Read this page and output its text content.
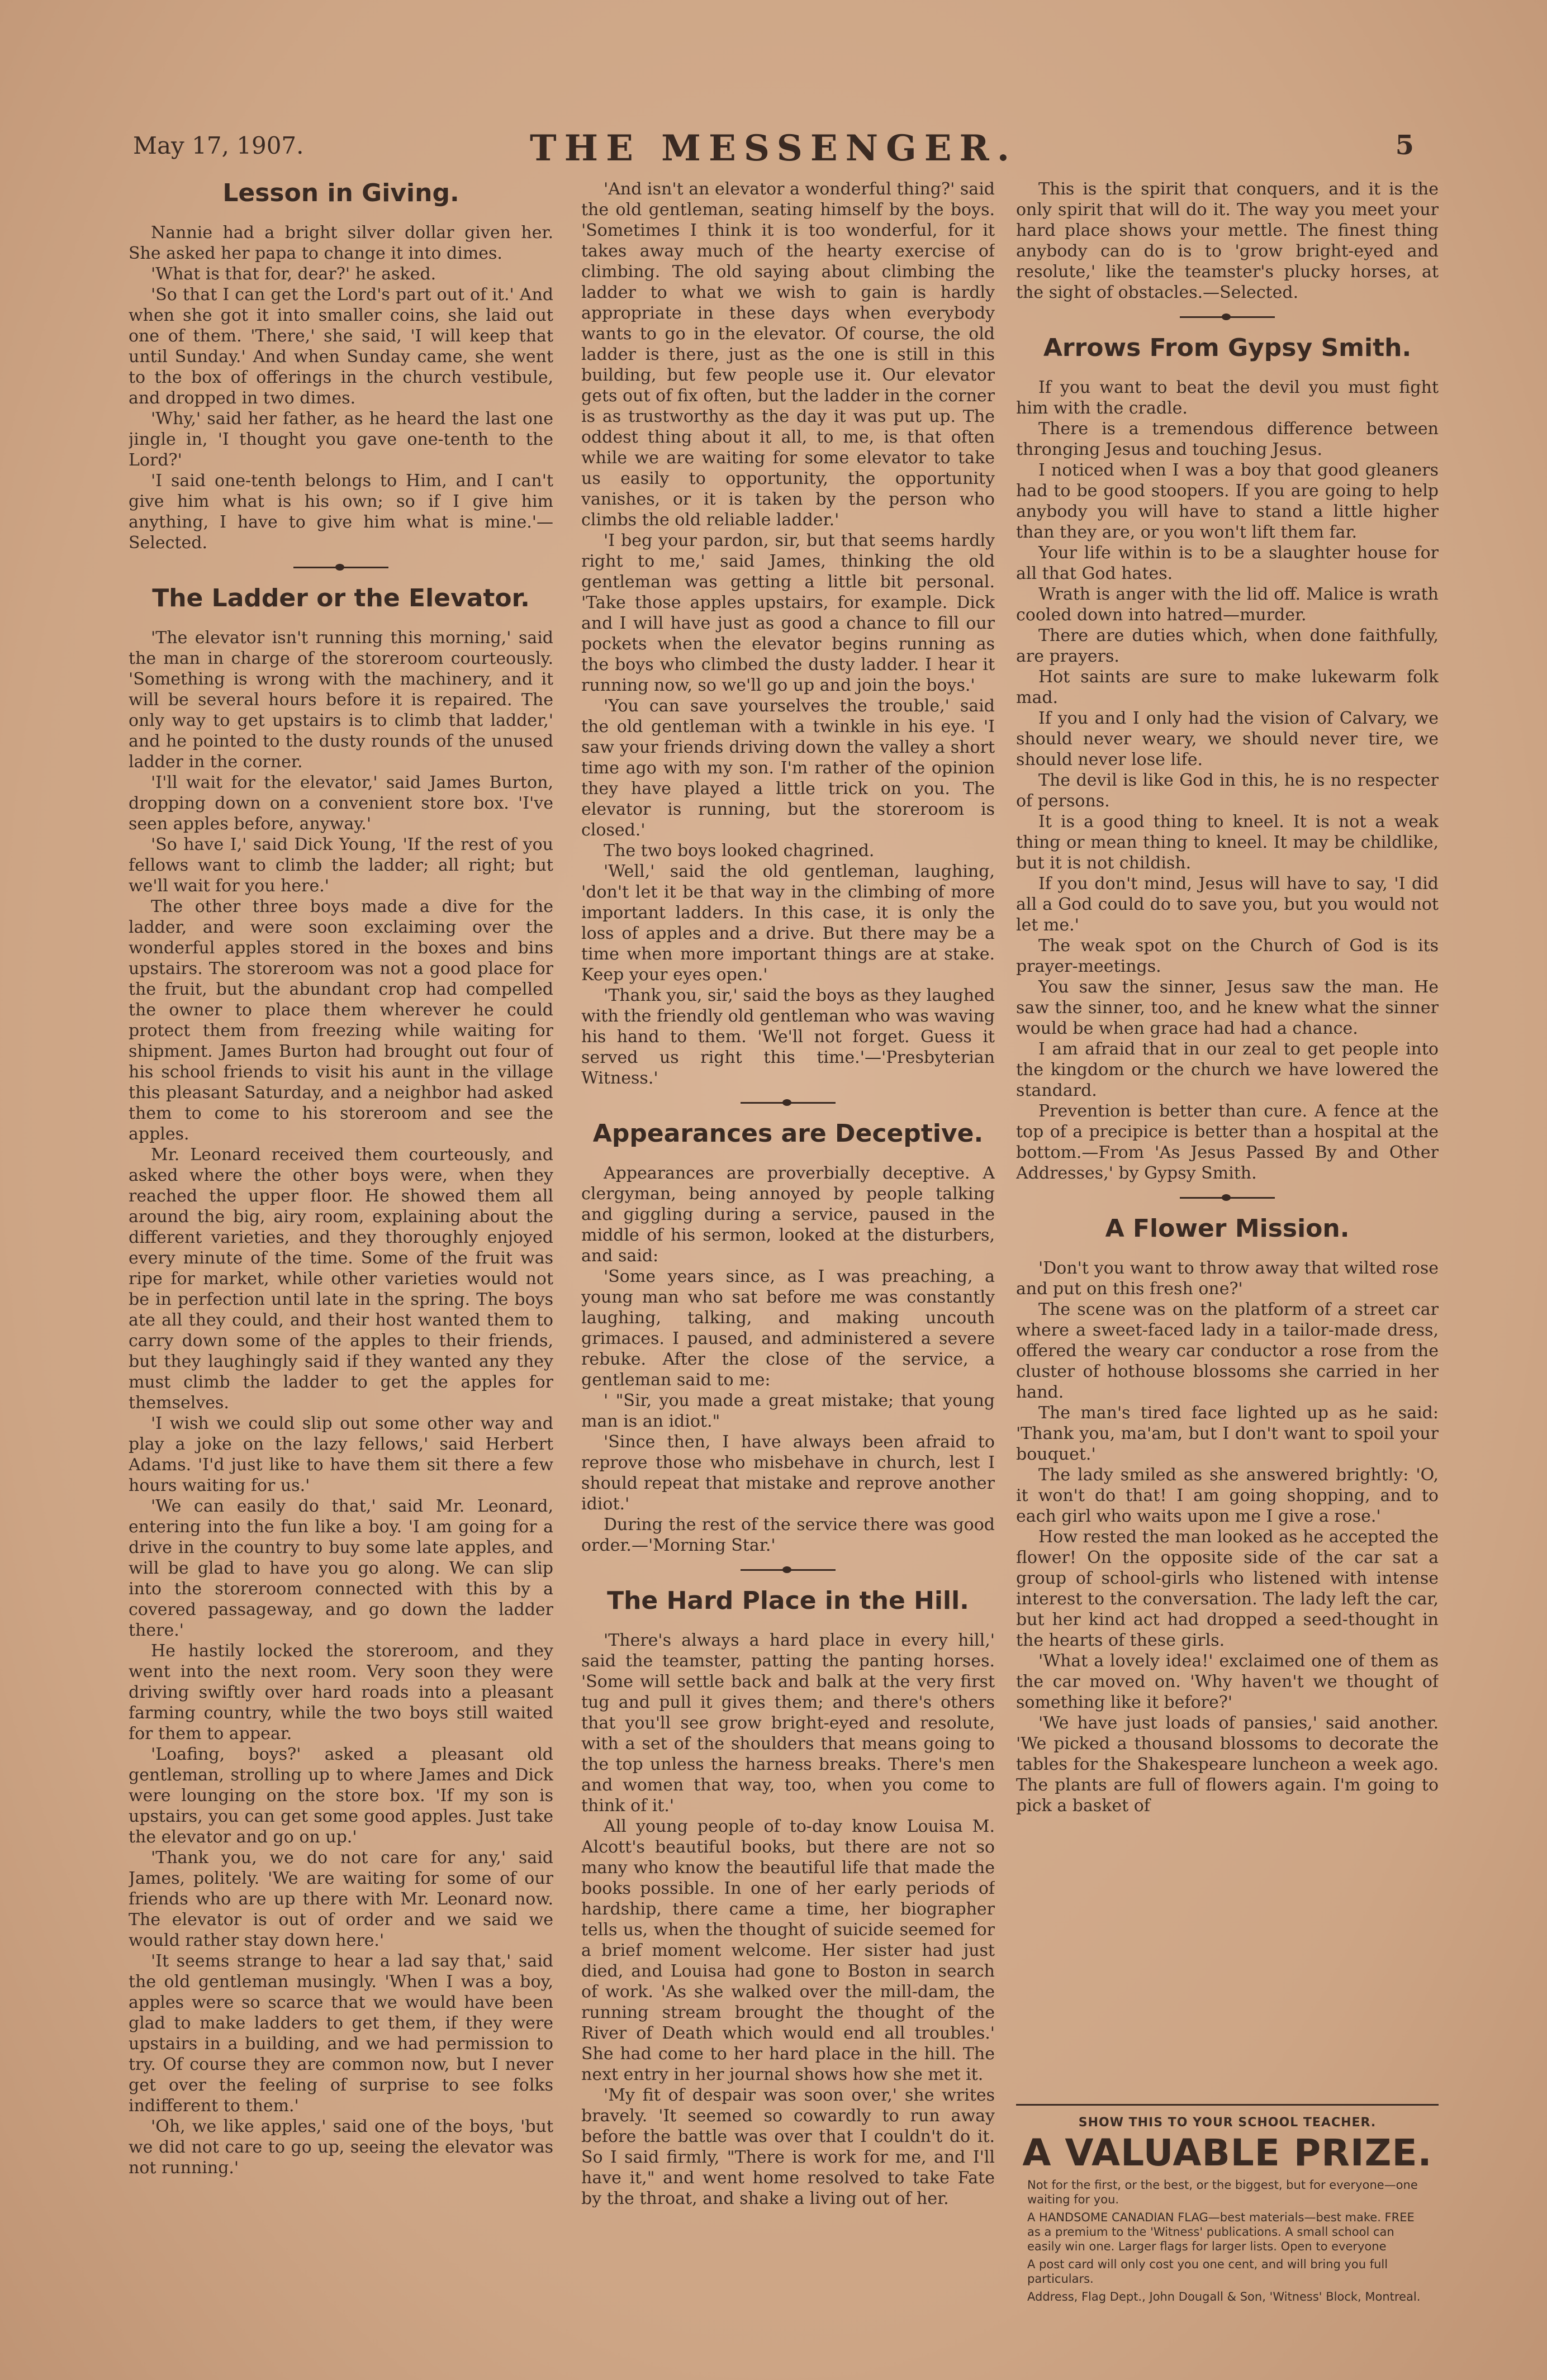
May 17, 1907.	THE MESSENGER.	5
Lesson in Giving.

Nannie had a bright silver dollar given her. She asked her papa to change it into dimes.

'What is that for, dear?' he asked.

'So that I can get the Lord's part out of it.' And when she got it into smaller coins, she laid out one of them. 'There,' she said, 'I will keep that until Sunday.' And when Sunday came, she went to the box of offerings in the church vestibule, and dropped in two dimes.

'Why,' said her father, as he heard the last one jingle in, 'I thought you gave one-tenth to the Lord?'

'I said one-tenth belongs to Him, and I can't give him what is his own; so if I give him anything, I have to give him what is mine.'—Selected.

The Ladder or the Elevator.

'The elevator isn't running this morning,' said the man in charge of the storeroom courteously. 'Something is wrong with the machinery, and it will be several hours before it is repaired. The only way to get upstairs is to climb that ladder,' and he pointed to the dusty rounds of the unused ladder in the corner.

'I'll wait for the elevator,' said James Burton, dropping down on a convenient store box. 'I've seen apples before, anyway.'

'So have I,' said Dick Young, 'If the rest of you fellows want to climb the ladder; all right; but we'll wait for you here.'

The other three boys made a dive for the ladder, and were soon exclaiming over the wonderful apples stored in the boxes and bins upstairs. The storeroom was not a good place for the fruit, but the abundant crop had compelled the owner to place them wherever he could protect them from freezing while waiting for shipment. James Burton had brought out four of his school friends to visit his aunt in the village this pleasant Saturday, and a neighbor had asked them to come to his storeroom and see the apples.

Mr. Leonard received them courteously, and asked where the other boys were, when they reached the upper floor. He showed them all around the big, airy room, explaining about the different varieties, and they thoroughly enjoyed every minute of the time. Some of the fruit was ripe for market, while other varieties would not be in perfection until late in the spring. The boys ate all they could, and their host wanted them to carry down some of the apples to their friends, but they laughingly said if they wanted any they must climb the ladder to get the apples for themselves.

'I wish we could slip out some other way and play a joke on the lazy fellows,' said Herbert Adams. 'I'd just like to have them sit there a few hours waiting for us.'

'We can easily do that,' said Mr. Leonard, entering into the fun like a boy. 'I am going for a drive in the country to buy some late apples, and will be glad to have you go along. We can slip into the storeroom connected with this by a covered passageway, and go down the ladder there.'

He hastily locked the storeroom, and they went into the next room. Very soon they were driving swiftly over hard roads into a pleasant farming country, while the two boys still waited for them to appear.

'Loafing, boys?' asked a pleasant old gentleman, strolling up to where James and Dick were lounging on the store box. 'If my son is upstairs, you can get some good apples. Just take the elevator and go on up.'

'Thank you, we do not care for any,' said James, politely. 'We are waiting for some of our friends who are up there with Mr. Leonard now. The elevator is out of order and we said we would rather stay down here.'

'It seems strange to hear a lad say that,' said the old gentleman musingly. 'When I was a boy, apples were so scarce that we would have been glad to make ladders to get them, if they were upstairs in a building, and we had permission to try. Of course they are common now, but I never get over the feeling of surprise to see folks indifferent to them.'

'Oh, we like apples,' said one of the boys, 'but we did not care to go up, seeing the elevator was not running.'

'And isn't an elevator a wonderful thing?' said the old gentleman, seating himself by the boys. 'Sometimes I think it is too wonderful, for it takes away much of the hearty exercise of climbing. The old saying about climbing the ladder to what we wish to gain is hardly appropriate in these days when everybody wants to go in the elevator. Of course, the old ladder is there, just as the one is still in this building, but few people use it. Our elevator gets out of fix often, but the ladder in the corner is as trustworthy as the day it was put up. The oddest thing about it all, to me, is that often while we are waiting for some elevator to take us easily to opportunity, the opportunity vanishes, or it is taken by the person who climbs the old reliable ladder.'

'I beg your pardon, sir, but that seems hardly right to me,' said James, thinking the old gentleman was getting a little bit personal. 'Take those apples upstairs, for example. Dick and I will have just as good a chance to fill our pockets when the elevator begins running as the boys who climbed the dusty ladder. I hear it running now, so we'll go up and join the boys.'

'You can save yourselves the trouble,' said the old gentleman with a twinkle in his eye. 'I saw your friends driving down the valley a short time ago with my son. I'm rather of the opinion they have played a little trick on you. The elevator is running, but the storeroom is closed.'

The two boys looked chagrined.

'Well,' said the old gentleman, laughing, 'don't let it be that way in the climbing of more important ladders. In this case, it is only the loss of apples and a drive. But there may be a time when more important things are at stake. Keep your eyes open.'

'Thank you, sir,' said the boys as they laughed with the friendly old gentleman who was waving his hand to them. 'We'll not forget. Guess it served us right this time.'—'Presbyterian Witness.'

Appearances are Deceptive.

Appearances are proverbially deceptive. A clergyman, being annoyed by people talking and giggling during a service, paused in the middle of his sermon, looked at the disturbers, and said:

'Some years since, as I was preaching, a young man who sat before me was constantly laughing, talking, and making uncouth grimaces. I paused, and administered a severe rebuke. After the close of the service, a gentleman said to me:

' "Sir, you made a great mistake; that young man is an idiot."

'Since then, I have always been afraid to reprove those who misbehave in church, lest I should repeat that mistake and reprove another idiot.'

During the rest of the service there was good order.—'Morning Star.'

The Hard Place in the Hill.

'There's always a hard place in every hill,' said the teamster, patting the panting horses. 'Some will settle back and balk at the very first tug and pull it gives them; and there's others that you'll see grow bright-eyed and resolute, with a set of the shoulders that means going to the top unless the harness breaks. There's men and women that way, too, when you come to think of it.'

All young people of to-day know Louisa M. Alcott's beautiful books, but there are not so many who know the beautiful life that made the books possible. In one of her early periods of hardship, there came a time, her biographer tells us, when the thought of suicide seemed for a brief moment welcome. Her sister had just died, and Louisa had gone to Boston in search of work. 'As she walked over the mill-dam, the running stream brought the thought of the River of Death which would end all troubles.' She had come to her hard place in the hill. The next entry in her journal shows how she met it.

'My fit of despair was soon over,' she writes bravely. 'It seemed so cowardly to run away before the battle was over that I couldn't do it. So I said firmly, "There is work for me, and I'll have it," and went home resolved to take Fate by the throat, and shake a living out of her.

This is the spirit that conquers, and it is the only spirit that will do it. The way you meet your hard place shows your mettle. The finest thing anybody can do is to 'grow bright-eyed and resolute,' like the teamster's plucky horses, at the sight of obstacles.—Selected.

Arrows From Gypsy Smith.

If you want to beat the devil you must fight him with the cradle.

There is a tremendous difference between thronging Jesus and touching Jesus.

I noticed when I was a boy that good gleaners had to be good stoopers. If you are going to help anybody you will have to stand a little higher than they are, or you won't lift them far.

Your life within is to be a slaughter house for all that God hates.

Wrath is anger with the lid off. Malice is wrath cooled down into hatred—murder.

There are duties which, when done faithfully, are prayers.

Hot saints are sure to make lukewarm folk mad.

If you and I only had the vision of Calvary, we should never weary, we should never tire, we should never lose life.

The devil is like God in this, he is no respecter of persons.

It is a good thing to kneel. It is not a weak thing or mean thing to kneel. It may be childlike, but it is not childish.

If you don't mind, Jesus will have to say, 'I did all a God could do to save you, but you would not let me.'

The weak spot on the Church of God is its prayer-meetings.

You saw the sinner, Jesus saw the man. He saw the sinner, too, and he knew what the sinner would be when grace had had a chance.

I am afraid that in our zeal to get people into the kingdom or the church we have lowered the standard.

Prevention is better than cure. A fence at the top of a precipice is better than a hospital at the bottom.—From 'As Jesus Passed By and Other Addresses,' by Gypsy Smith.

A Flower Mission.

'Don't you want to throw away that wilted rose and put on this fresh one?'

The scene was on the platform of a street car where a sweet-faced lady in a tailor-made dress, offered the weary car conductor a rose from the cluster of hothouse blossoms she carried in her hand.

The man's tired face lighted up as he said: 'Thank you, ma'am, but I don't want to spoil your bouquet.'

The lady smiled as she answered brightly: 'O, it won't do that! I am going shopping, and to each girl who waits upon me I give a rose.'

How rested the man looked as he accepted the flower! On the opposite side of the car sat a group of school-girls who listened with intense interest to the conversation. The lady left the car, but her kind act had dropped a seed-thought in the hearts of these girls.

'What a lovely idea!' exclaimed one of them as the car moved on. 'Why haven't we thought of something like it before?'

'We have just loads of pansies,' said another. 'We picked a thousand blossoms to decorate the tables for the Shakespeare luncheon a week ago. The plants are full of flowers again. I'm going to pick a basket of

SHOW THIS TO YOUR SCHOOL TEACHER.
A VALUABLE PRIZE.
Not for the first, or the best, or the biggest, but for everyone—one waiting for you.
A HANDSOME CANADIAN FLAG—best materials—best make. FREE as a premium to the 'Witness' publications. A small school can easily win one. Larger flags for larger lists. Open to everyone
A post card will only cost you one cent, and will bring you full particulars.
Address, Flag Dept., John Dougall & Son, 'Witness' Block, Montreal.
